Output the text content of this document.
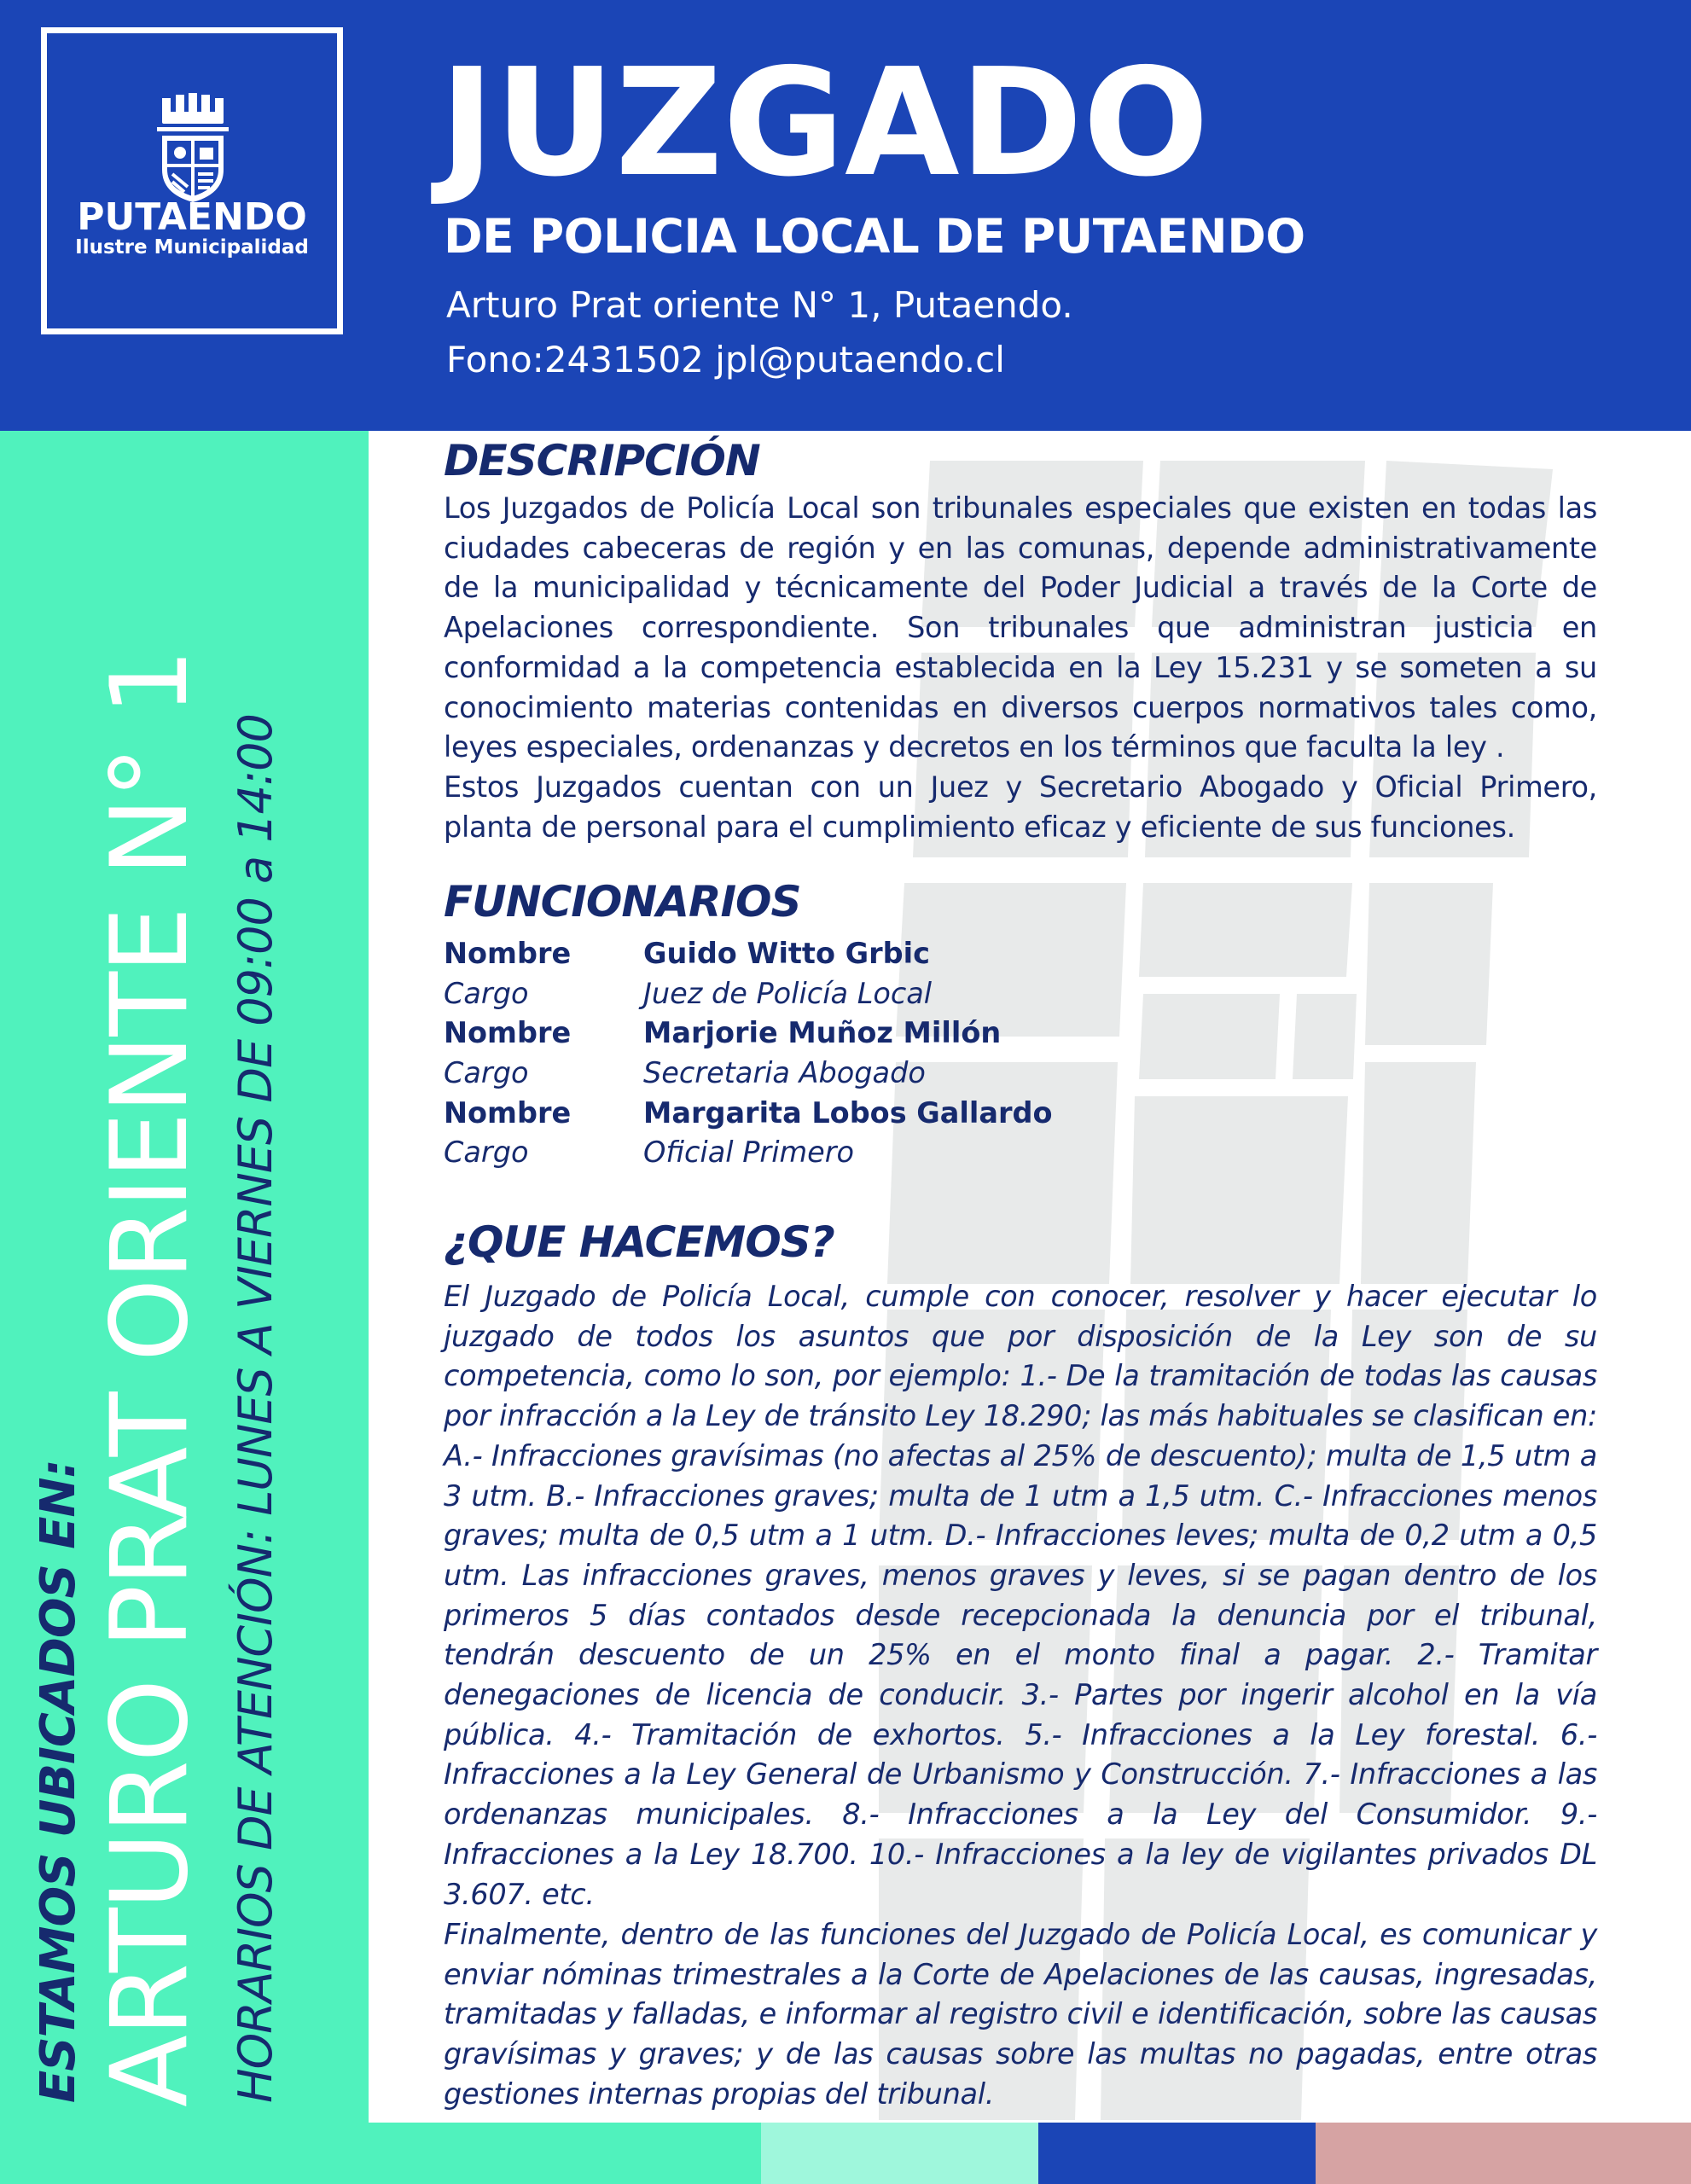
PUTAENDO
Ilustre Municipalidad
JUZGADO
DE POLICIA LOCAL DE PUTAENDO
Arturo Prat oriente N° 1, Putaendo.
Fono:2431502 jpl@putaendo.cl
ESTAMOS UBICADOS EN: ARTURO PRAT ORIENTE N° 1 HORARIOS DE ATENCIÓN: LUNES A VIERNES DE 09:00 a 14:00
DESCRIPCIÓN
Los Juzgados de Policía Local son tribunales especiales que existen en todas las ciudades cabeceras de región y en las comunas, depende administrativamente de la municipalidad y técnicamente del Poder Judicial a través de la Corte de Apelaciones correspondiente. Son tribunales que administran justicia en conformidad a la competencia establecida en la Ley 15.231 y se someten a su conocimiento materias contenidas en diversos cuerpos normativos tales como, leyes especiales, ordenanzas y decretos en los términos que faculta la ley .
Estos Juzgados cuentan con un Juez y Secretario Abogado y Oficial Primero, planta de personal para el cumplimiento eficaz y eficiente de sus funciones.
FUNCIONARIOS
Nombre	Guido Witto Grbic
Cargo	Juez de Policía Local
Nombre	Marjorie Muñoz Millón
Cargo	Secretaria Abogado
Nombre	Margarita Lobos Gallardo
Cargo	Oficial Primero
¿QUE HACEMOS?
El Juzgado de Policía Local, cumple con conocer, resolver y hacer ejecutar lo juzgado de todos los asuntos que por disposición de la Ley son de su competencia, como lo son, por ejemplo: 1.- De la tramitación de todas las causas por infracción a la Ley de tránsito Ley 18.290; las más habituales se clasifican en: A.- Infracciones gravísimas (no afectas al 25% de descuento); multa de 1,5 utm a 3 utm. B.- Infracciones graves; multa de 1 utm a 1,5 utm. C.- Infracciones menos graves; multa de 0,5 utm a 1 utm. D.- Infracciones leves; multa de 0,2 utm a 0,5 utm. Las infracciones graves, menos graves y leves, si se pagan dentro de los primeros 5 días contados desde recepcionada la denuncia por el tribunal, tendrán descuento de un 25% en el monto final a pagar. 2.- Tramitar denegaciones de licencia de conducir. 3.- Partes por ingerir alcohol en la vía pública. 4.- Tramitación de exhortos. 5.- Infracciones a la Ley forestal. 6.- Infracciones a la Ley General de Urbanismo y Construcción. 7.- Infracciones a las ordenanzas municipales. 8.- Infracciones a la Ley del Consumidor. 9.- Infracciones a la Ley 18.700. 10.- Infracciones a la ley de vigilantes privados DL 3.607. etc.
Finalmente, dentro de las funciones del Juzgado de Policía Local, es comunicar y enviar nóminas trimestrales a la Corte de Apelaciones de las causas, ingresadas, tramitadas y falladas, e informar al registro civil e identificación, sobre las causas gravísimas y graves; y de las causas sobre las multas no pagadas, entre otras gestiones internas propias del tribunal.
